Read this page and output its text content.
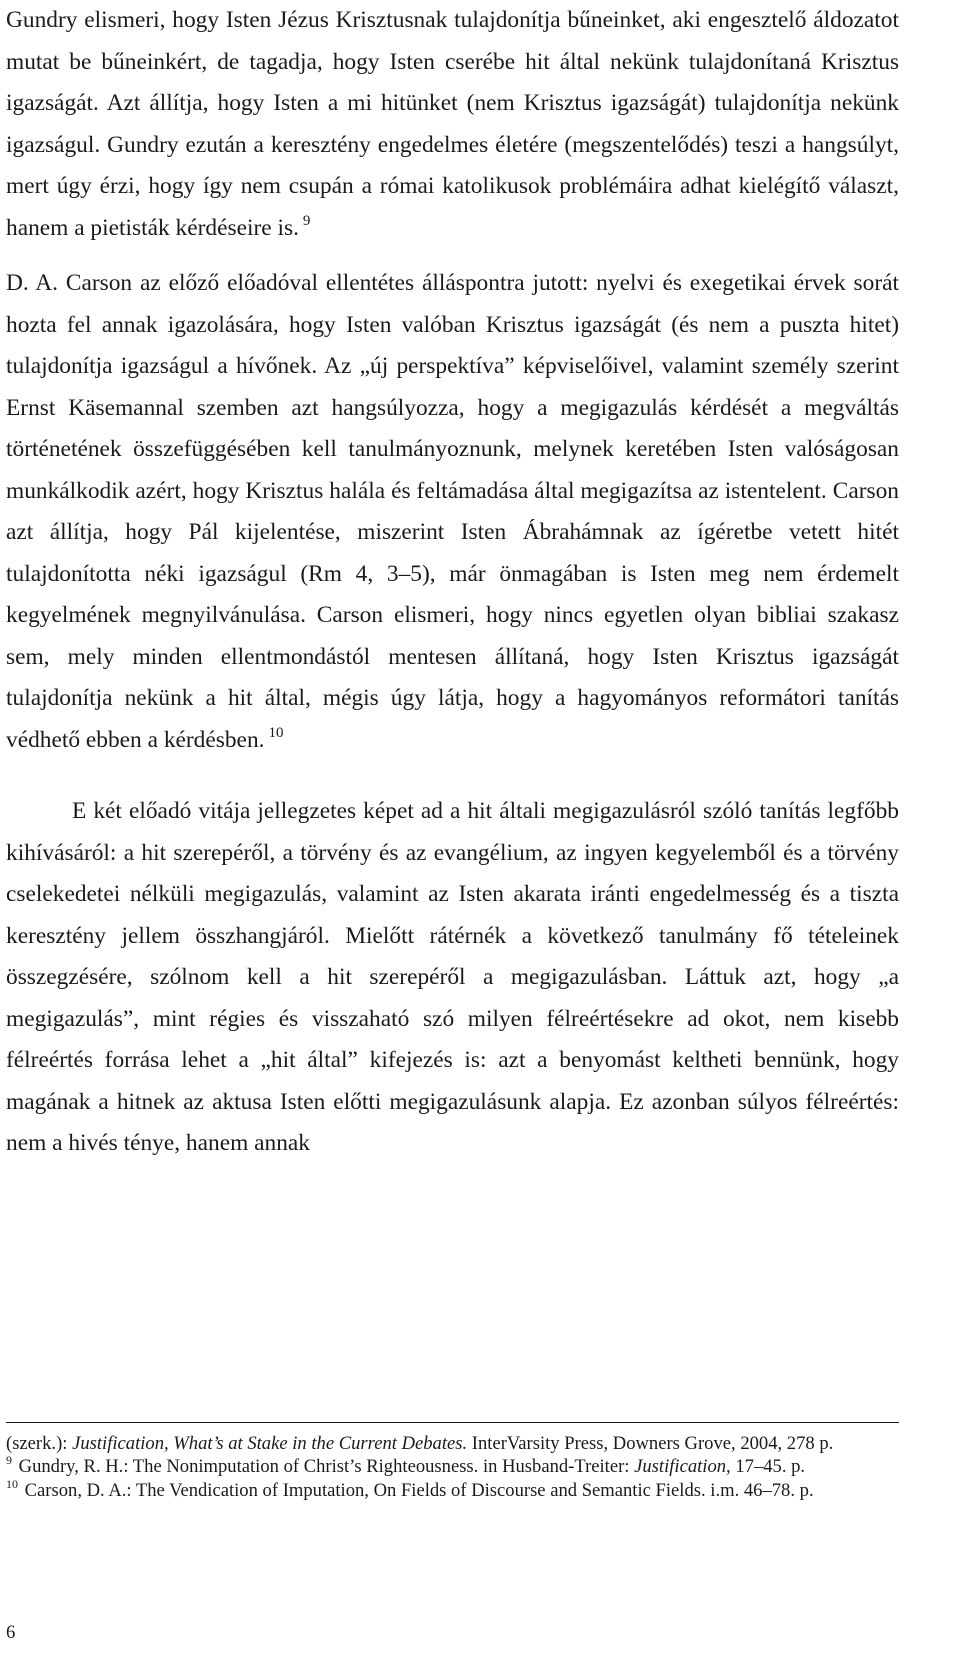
Gundry elismeri, hogy Isten Jézus Krisztusnak tulajdonítja bűneinket, aki engesztelő áldozatot mutat be bűneinkért, de tagadja, hogy Isten cserébe hit által nekünk tulajdonítaná Krisztus igazságát. Azt állítja, hogy Isten a mi hitünket (nem Krisztus igazságát) tulajdonítja nekünk igazságul. Gundry ezután a keresztény engedelmes életére (megszentelődés) teszi a hangsúlyt, mert úgy érzi, hogy így nem csupán a római katolikusok problémáira adhat kielégítő választ, hanem a pietisták kérdéseire is. $^9$

D. A. Carson az előző előadóval ellentétes álláspontra jutott: nyelvi és exegetikai érvek sorát hozta fel annak igazolására, hogy Isten valóban Krisztus igazságát (és nem a puszta hitet) tulajdonítja igazságul a hívőnek. Az „új perspektíva” képviselőivel, valamint személy szerint Ernst Käsemannal szemben azt hangsúlyozza, hogy a megigazulás kérdését a megváltás történetének összefüggésében kell tanulmányoznunk, melynek keretében Isten valóságosan munkálkodik azért, hogy Krisztus halála és feltámadása által megigazítsa az istentelent. Carson azt állítja, hogy Pál kijelentése, miszerint Isten Ábrahámnak az ígéretbe vetett hitét tulajdonította néki igazságul (Rm 4, 3–5), már önmagában is Isten meg nem érdemelt kegyelmének megnyilvánulása. Carson elismeri, hogy nincs egyetlen olyan bibliai szakasz sem, mely minden ellentmondástól mentesen állítaná, hogy Isten Krisztus igazságát tulajdonítja nekünk a hit által, mégis úgy látja, hogy a hagyományos reformátori tanítás védhető ebben a kérdésben. $^{10}$

E két előadó vitája jellegzetes képet ad a hit általi megigazulásról szóló tanítás legfőbb kihívásáról: a hit szerepéről, a törvény és az evangélium, az ingyen kegyelemből és a törvény cselekedetei nélküli megigazulás, valamint az Isten akarata iránti engedelmesség és a tiszta keresztény jellem összhangjáról. Mielőtt rátérnék a következő tanulmány fő tételeinek összegzésére, szólnom kell a hit szerepéről a megigazulásban. Láttuk azt, hogy „a megigazulás”, mint régies és visszaható szó milyen félreértésekre ad okot, nem kisebb félreértés forrása lehet a „hit által” kifejezés is: azt a benyomást keltheti bennünk, hogy magának a hitnek az aktusa Isten előtti megigazulásunk alapja. Ez azonban súlyos félreértés: nem a hivés ténye, hanem annak

(szerk.): Justification, What’s at Stake in the Current Debates. InterVarsity Press, Downers Grove, 2004, 278 p.

$^9$ Gundry, R. H.: The Nonimputation of Christ’s Righteousness. in Husband-Treiter: Justification, 17–45. p.

$^{10}$ Carson, D. A.: The Vendication of Imputation, On Fields of Discourse and Semantic Fields. i.m. 46–78. p.

6
